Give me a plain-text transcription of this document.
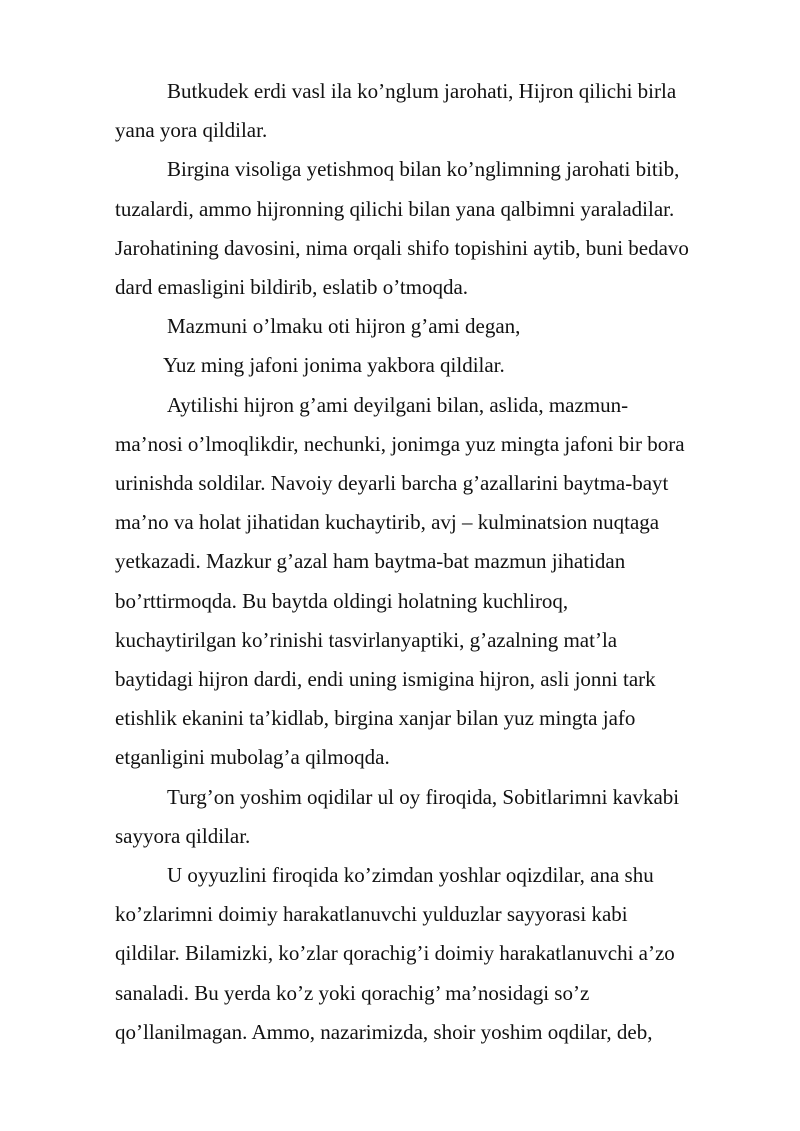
Butkudek erdi vasl ila ko’nglum jarohati, Hijron qilichi birla
yana yora qildilar.

Birgina visoliga yetishmoq bilan ko’nglimning jarohati bitib,
tuzalardi, ammo hijronning qilichi bilan yana qalbimni yaraladilar.
Jarohatining davosini, nima orqali shifo topishini aytib, buni bedavo
dard emasligini bildirib, eslatib o’tmoqda.

Mazmuni o’lmaku oti hijron g’ami degan,

Yuz ming jafoni jonima yakbora qildilar.

Aytilishi hijron g’ami deyilgani bilan, aslida, mazmun-
ma’nosi o’lmoqlikdir, nechunki, jonimga yuz mingta jafoni bir bora
urinishda soldilar. Navoiy deyarli barcha g’azallarini baytma-bayt
ma’no va holat jihatidan kuchaytirib, avj – kulminatsion nuqtaga
yetkazadi. Mazkur g’azal ham baytma-bat mazmun jihatidan
bo’rttirmoqda. Bu baytda oldingi holatning kuchliroq,
kuchaytirilgan ko’rinishi tasvirlanyaptiki, g’azalning mat’la
baytidagi hijron dardi, endi uning ismigina hijron, asli jonni tark
etishlik ekanini ta’kidlab, birgina xanjar bilan yuz mingta jafo
etganligini mubolag’a qilmoqda.

Turg’on yoshim oqidilar ul oy firoqida, Sobitlarimni kavkabi
sayyora qildilar.

U oyyuzlini firoqida ko’zimdan yoshlar oqizdilar, ana shu
ko’zlarimni doimiy harakatlanuvchi yulduzlar sayyorasi kabi
qildilar. Bilamizki, ko’zlar qorachig’i doimiy harakatlanuvchi a’zo
sanaladi. Bu yerda ko’z yoki qorachig’ ma’nosidagi so’z
qo’llanilmagan. Ammo, nazarimizda, shoir yoshim oqdilar, deb,
